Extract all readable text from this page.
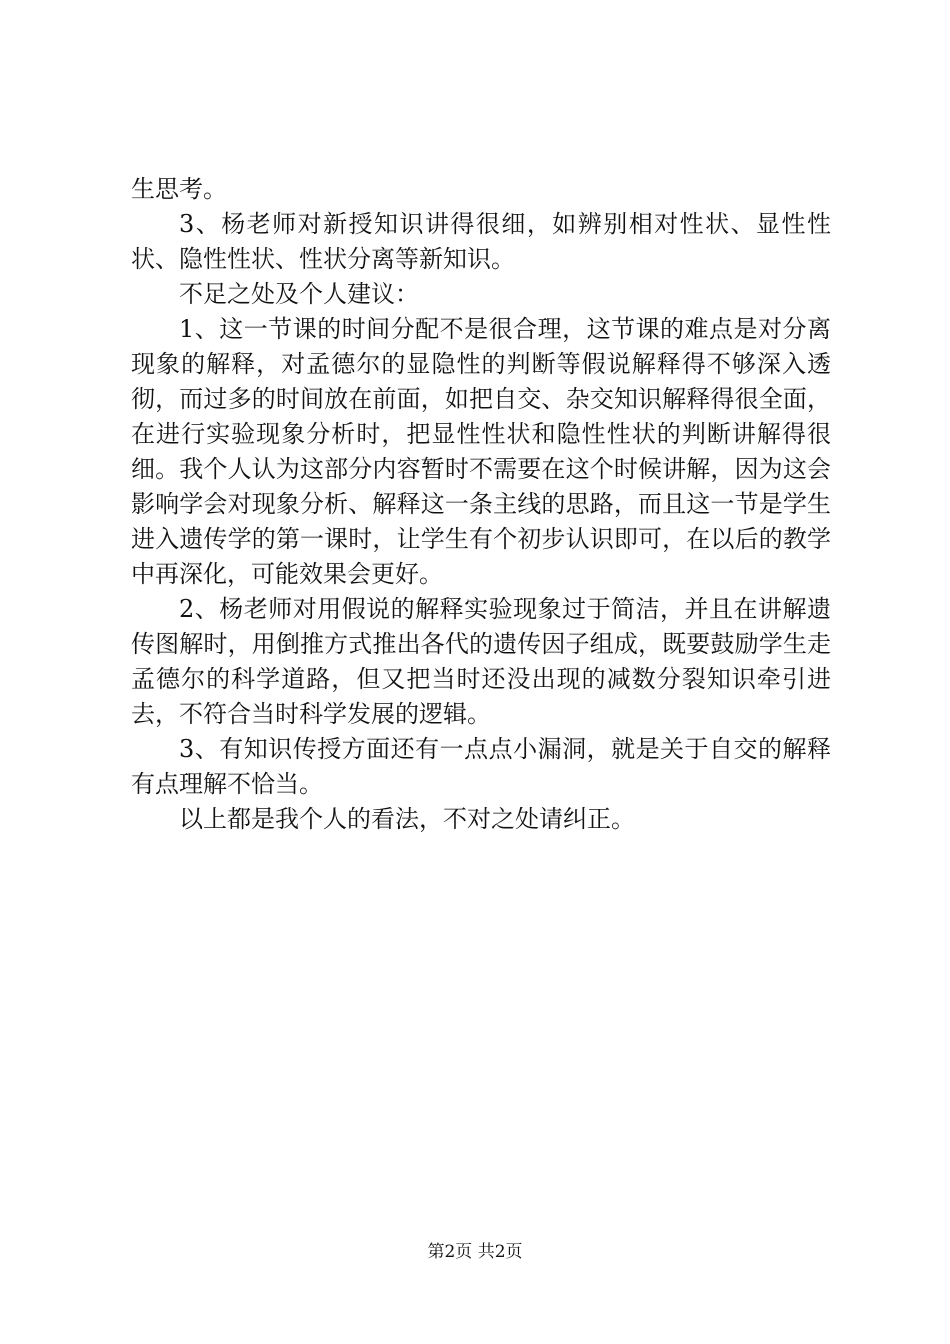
生思考。

3、杨老师对新授知识讲得很细，如辨别相对性状、显性性状、隐性性状、性状分离等新知识。

不足之处及个人建议：

1、这一节课的时间分配不是很合理，这节课的难点是对分离现象的解释，对孟德尔的显隐性的判断等假说解释得不够深入透彻，而过多的时间放在前面，如把自交、杂交知识解释得很全面，在进行实验现象分析时，把显性性状和隐性性状的判断讲解得很细。我个人认为这部分内容暂时不需要在这个时候讲解，因为这会影响学会对现象分析、解释这一条主线的思路，而且这一节是学生进入遗传学的第一课时，让学生有个初步认识即可，在以后的教学中再深化，可能效果会更好。

2、杨老师对用假说的解释实验现象过于简洁，并且在讲解遗传图解时，用倒推方式推出各代的遗传因子组成，既要鼓励学生走孟德尔的科学道路，但又把当时还没出现的减数分裂知识牵引进去，不符合当时科学发展的逻辑。

3、有知识传授方面还有一点点小漏洞，就是关于自交的解释有点理解不恰当。

以上都是我个人的看法，不对之处请纠正。

第2页 共2页
